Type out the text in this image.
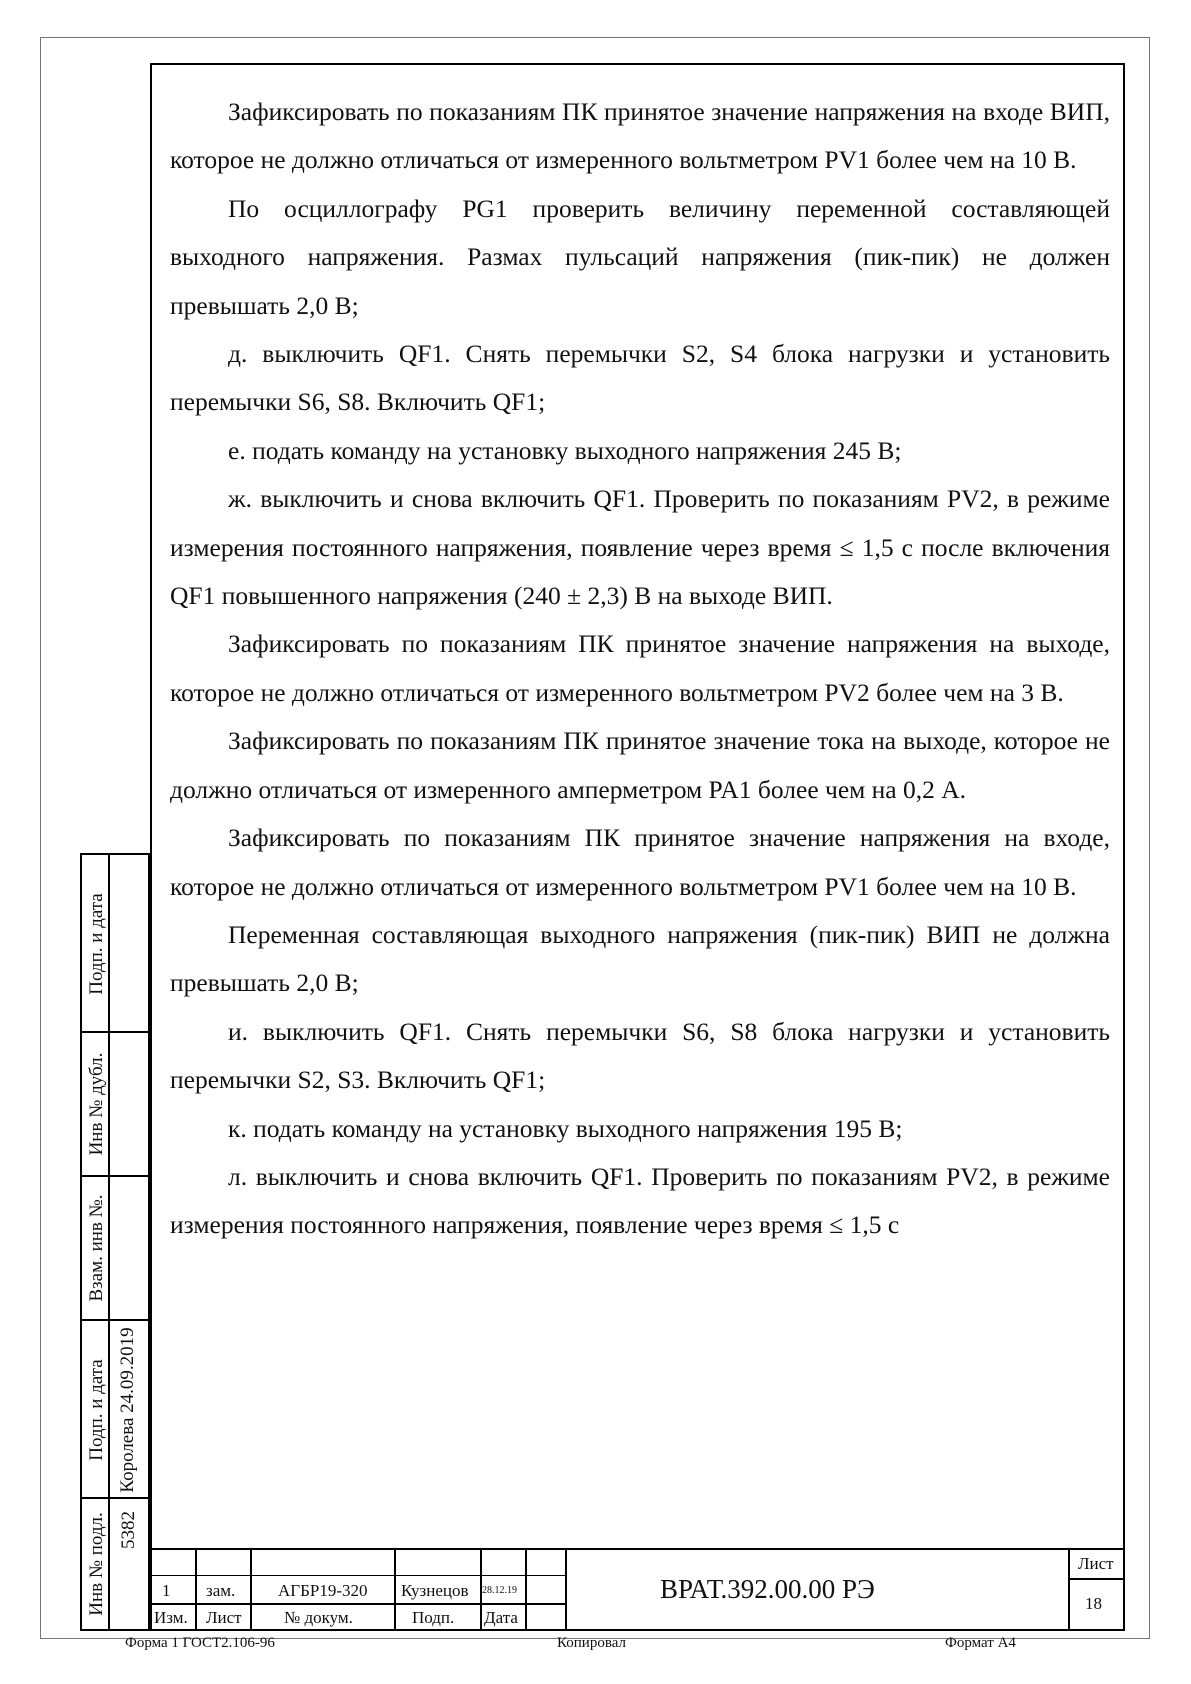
Зафиксировать по показаниям ПК принятое значение напряжения на входе ВИП, которое не должно отличаться от измеренного вольтметром PV1 более чем на 10 В.

По осциллографу PG1 проверить величину переменной составляющей выходного напряжения. Размах пульсаций напряжения (пик-пик) не должен превышать 2,0 В;

д. выключить QF1. Снять перемычки S2, S4 блока нагрузки и установить перемычки S6, S8. Включить QF1;

е. подать команду на установку выходного напряжения 245 В;

ж. выключить и снова включить QF1. Проверить по показаниям PV2, в режиме измерения постоянного напряжения, появление через время ≤ 1,5 с после включения QF1 повышенного напряжения (240 ± 2,3) В на выходе ВИП.

Зафиксировать по показаниям ПК принятое значение напряжения на выходе, которое не должно отличаться от измеренного вольтметром PV2 более чем на 3 В.

Зафиксировать по показаниям ПК принятое значение тока на выходе, которое не должно отличаться от измеренного амперметром PA1 более чем на 0,2 А.

Зафиксировать по показаниям ПК принятое значение напряжения на входе, которое не должно отличаться от измеренного вольтметром PV1 более чем на 10 В.

Переменная составляющая выходного напряжения (пик-пик) ВИП не должна превышать 2,0 В;

и. выключить QF1. Снять перемычки S6, S8 блока нагрузки и установить перемычки S2, S3. Включить QF1;

к. подать команду на установку выходного напряжения 195 В;

л. выключить и снова включить QF1. Проверить по показаниям PV2, в режиме измерения постоянного напряжения, появление через время ≤ 1,5 с

Подп. и дата
Инв № дубл.
Взам. инв №.
Подп. и дата Королева 24.09.2019
Инв № подл. 5382
1 зам.	АГБР19-320 Кузнецов 28.12.19
Изм. Лист № докум.	Подп. Дата
ВРАТ.392.00.00 РЭ
Лист
18
Форма 1 ГОСТ2.106-96	Копировал	Формат А4
